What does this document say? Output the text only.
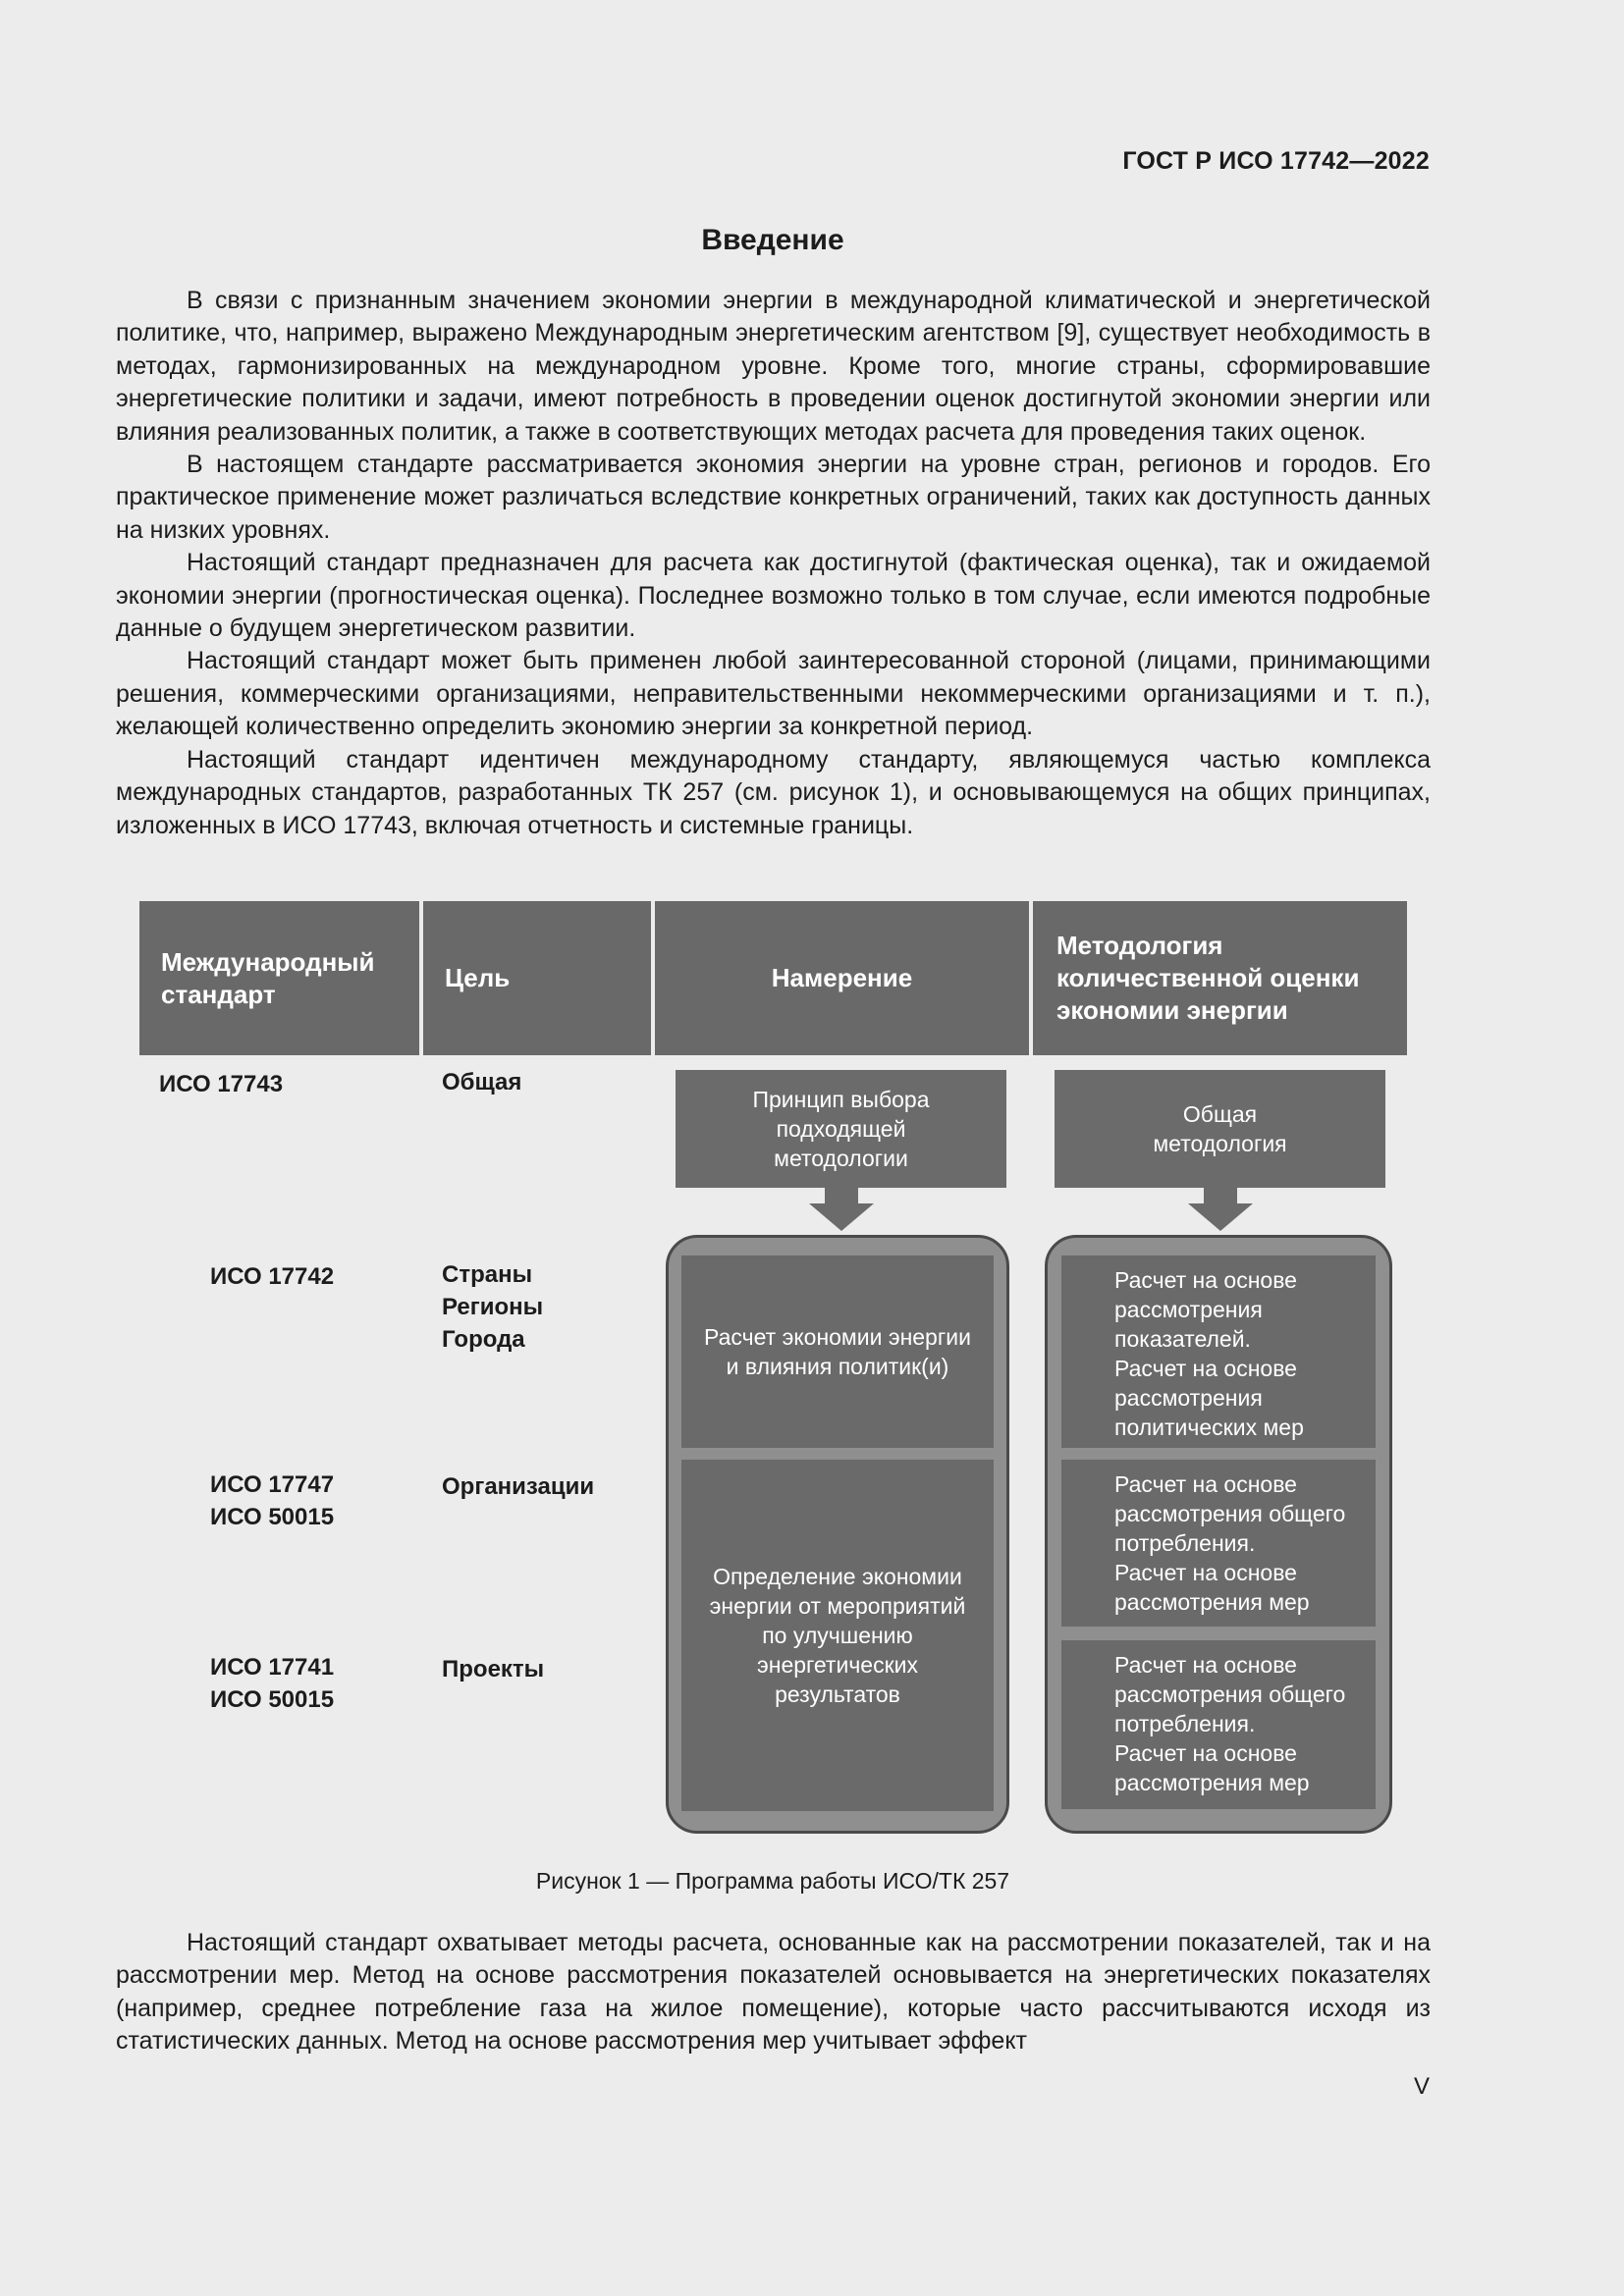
ГОСТ Р ИСО 17742—2022
Введение

В связи с признанным значением экономии энергии в международной климатической и энергетической политике, что, например, выражено Международным энергетическим агентством [9], существует необходимость в методах, гармонизированных на международном уровне. Кроме того, многие страны, сформировавшие энергетические политики и задачи, имеют потребность в проведении оценок достигнутой экономии энергии или влияния реализованных политик, а также в соответствующих методах расчета для проведения таких оценок.

В настоящем стандарте рассматривается экономия энергии на уровне стран, регионов и городов. Его практическое применение может различаться вследствие конкретных ограничений, таких как доступность данных на низких уровнях.

Настоящий стандарт предназначен для расчета как достигнутой (фактическая оценка), так и ожидаемой экономии энергии (прогностическая оценка). Последнее возможно только в том случае, если имеются подробные данные о будущем энергетическом развитии.

Настоящий стандарт может быть применен любой заинтересованной стороной (лицами, принимающими решения, коммерческими организациями, неправительственными некоммерческими организациями и т. п.), желающей количественно определить экономию энергии за конкретной период.

Настоящий стандарт идентичен международному стандарту, являющемуся частью комплекса международных стандартов, разработанных ТК 257 (см. рисунок 1), и основывающемуся на общих принципах, изложенных в ИСО 17743, включая отчетность и системные границы.

Международный
стандарт
Цель	Намерение
Методология
количественной оценки
экономии энергии
ИСО 17743
ИСО 17742
ИСО 17747
ИСО 50015
ИСО 17741
ИСО 50015
Общая
Страны
Регионы
Города
Организации
Проекты
Принцип выбора
подходящей
методологии
Общая
методология
Расчет экономии энергии
и влияния политик(и)
Определение экономии
энергии от мероприятий
по улучшению
энергетических
результатов
Расчет на основе
рассмотрения
показателей.
Расчет на основе
рассмотрения
политических мер
Расчет на основе
рассмотрения общего
потребления.
Расчет на основе
рассмотрения мер
Расчет на основе
рассмотрения общего
потребления.
Расчет на основе
рассмотрения мер
Рисунок 1 — Программа работы ИСО/ТК 257

Настоящий стандарт охватывает методы расчета, основанные как на рассмотрении показателей, так и на рассмотрении мер. Метод на основе рассмотрения показателей основывается на энергетических показателях (например, среднее потребление газа на жилое помещение), которые часто рассчитываются исходя из статистических данных. Метод на основе рассмотрения мер учитывает эффект

V
